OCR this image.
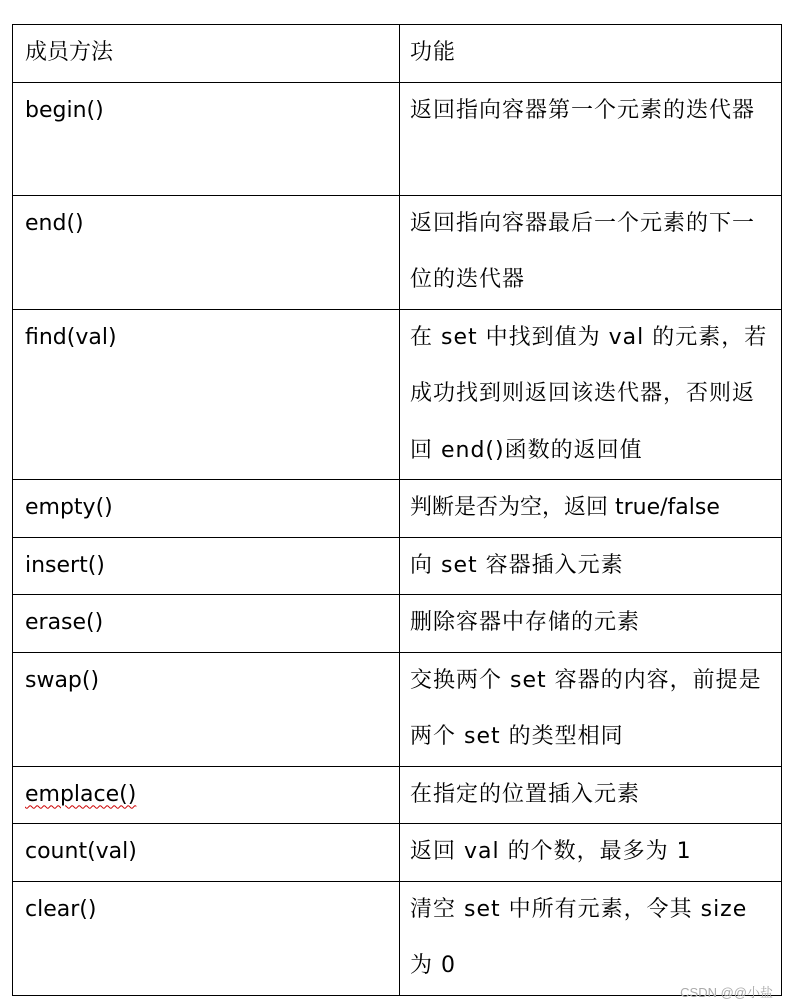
成员方法	功能
begin()	返回指向容器第一个元素的迭代器
end()	返回指向容器最后一个元素的下一位的迭代器
find(val)	在 set 中找到值为 val 的元素，若成功找到则返回该迭代器，否则返回 end()函数的返回值
empty()	判断是否为空，返回 true/false
insert()	向 set 容器插入元素
erase()	删除容器中存储的元素
swap()	交换两个 set 容器的内容，前提是两个 set 的类型相同
emplace()	在指定的位置插入元素
count(val)	返回 val 的个数，最多为 1
clear()	清空 set 中所有元素，令其 size 为 0
CSDN @@小盐
